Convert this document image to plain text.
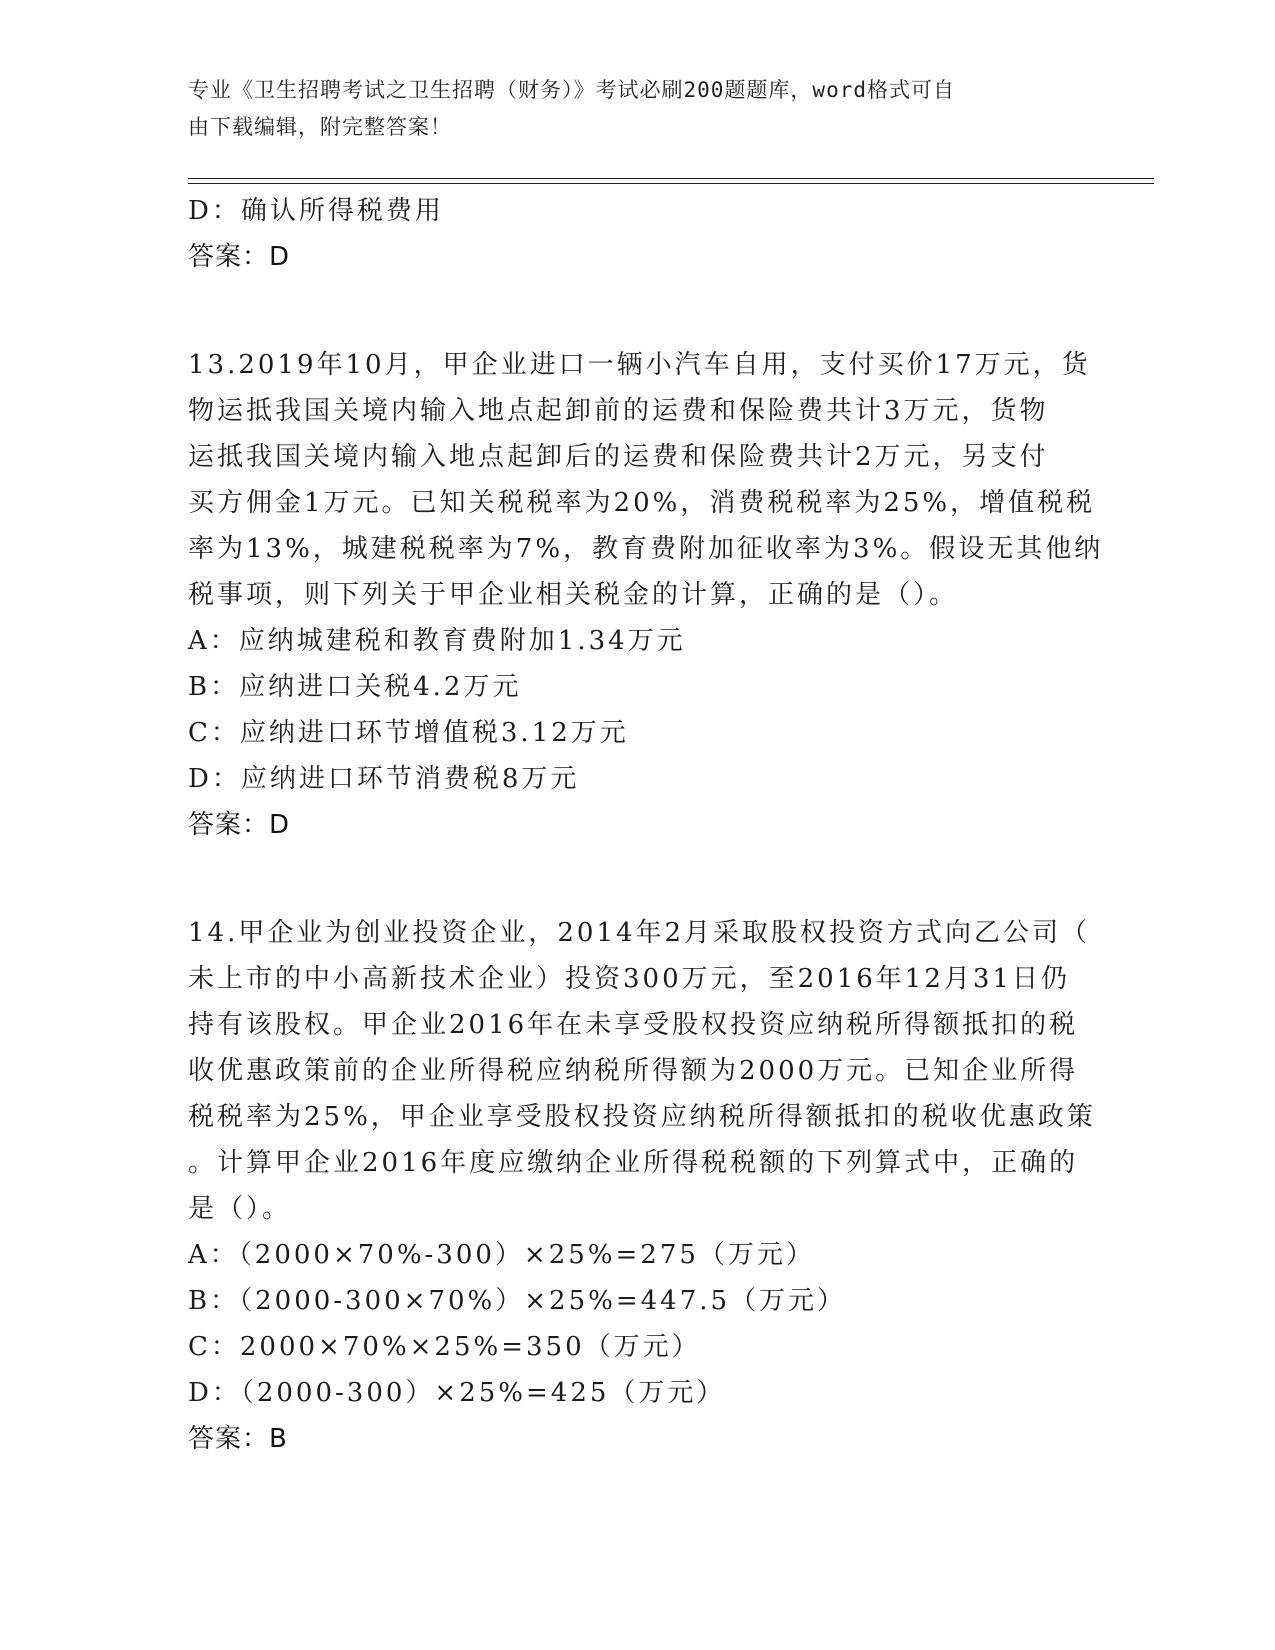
专业《卫生招聘考试之卫生招聘（财务）》考试必刷200题题库，word格式可自
由下载编辑，附完整答案！
D：确认所得税费用
答案：D
13.2019年10月，甲企业进口一辆小汽车自用，支付买价17万元，货
物运抵我国关境内输入地点起卸前的运费和保险费共计3万元，货物
运抵我国关境内输入地点起卸后的运费和保险费共计2万元，另支付
买方佣金1万元。已知关税税率为20%，消费税税率为25%，增值税税
率为13%，城建税税率为7%，教育费附加征收率为3%。假设无其他纳
税事项，则下列关于甲企业相关税金的计算，正确的是（）。
A：应纳城建税和教育费附加1.34万元
B：应纳进口关税4.2万元
C：应纳进口环节增值税3.12万元
D：应纳进口环节消费税8万元
答案：D
14.甲企业为创业投资企业，2014年2月采取股权投资方式向乙公司（
未上市的中小高新技术企业）投资300万元，至2016年12月31日仍
持有该股权。甲企业2016年在未享受股权投资应纳税所得额抵扣的税
收优惠政策前的企业所得税应纳税所得额为2000万元。已知企业所得
税税率为25%，甲企业享受股权投资应纳税所得额抵扣的税收优惠政策
。计算甲企业2016年度应缴纳企业所得税税额的下列算式中，正确的
是（）。
A：（2000×70%-300）×25%=275（万元）
B：（2000-300×70%）×25%=447.5（万元）
C：2000×70%×25%=350（万元）
D：（2000-300）×25%=425（万元）
答案：B
